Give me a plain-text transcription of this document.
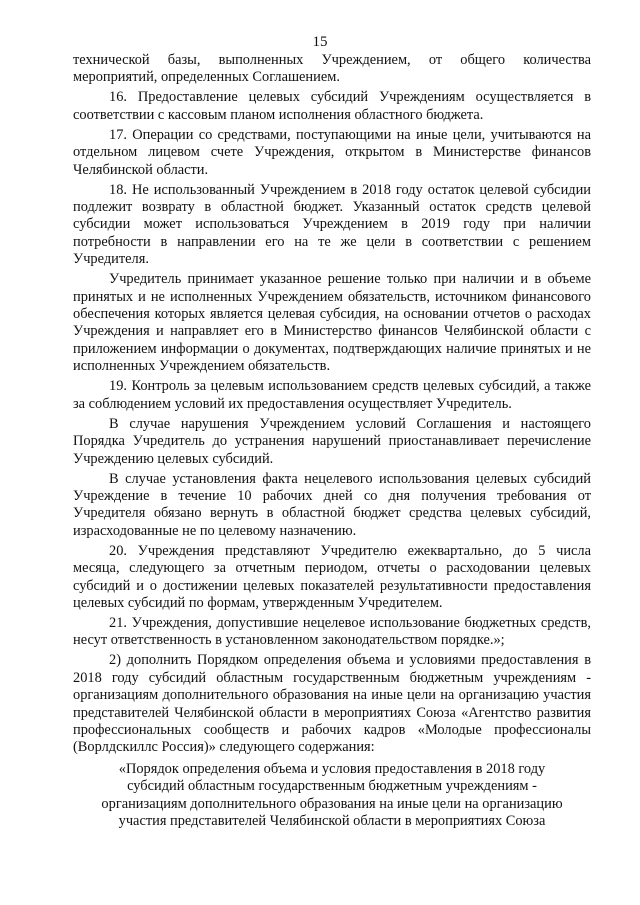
15

технической базы, выполненных Учреждением, от общего количества мероприятий, определенных Соглашением.

16. Предоставление целевых субсидий Учреждениям осуществляется в соответствии с кассовым планом исполнения областного бюджета.

17. Операции со средствами, поступающими на иные цели, учитываются на отдельном лицевом счете Учреждения, открытом в Министерстве финансов Челябинской области.

18. Не использованный Учреждением в 2018 году остаток целевой субсидии подлежит возврату в областной бюджет. Указанный остаток средств целевой субсидии может использоваться Учреждением в 2019 году при наличии потребности в направлении его на те же цели в соответствии с решением Учредителя.

Учредитель принимает указанное решение только при наличии и в объеме принятых и не исполненных Учреждением обязательств, источником финансового обеспечения которых является целевая субсидия, на основании отчетов о расходах Учреждения и направляет его в Министерство финансов Челябинской области с приложением информации о документах, подтверждающих наличие принятых и не исполненных Учреждением обязательств.

19. Контроль за целевым использованием средств целевых субсидий, а также за соблюдением условий их предоставления осуществляет Учредитель.

В случае нарушения Учреждением условий Соглашения и настоящего Порядка Учредитель до устранения нарушений приостанавливает перечисление Учреждению целевых субсидий.

В случае установления факта нецелевого использования целевых субсидий Учреждение в течение 10 рабочих дней со дня получения требования от Учредителя обязано вернуть в областной бюджет средства целевых субсидий, израсходованные не по целевому назначению.

20. Учреждения представляют Учредителю ежеквартально, до 5 числа месяца, следующего за отчетным периодом, отчеты о расходовании целевых субсидий и о достижении целевых показателей результативности предоставления целевых субсидий по формам, утвержденным Учредителем.

21. Учреждения, допустившие нецелевое использование бюджетных средств, несут ответственность в установленном законодательством порядке.»;

2) дополнить Порядком определения объема и условиями предоставления в 2018 году субсидий областным государственным бюджетным учреждениям - организациям дополнительного образования на иные цели на организацию участия представителей Челябинской области в мероприятиях Союза «Агентство развития профессиональных сообществ и рабочих кадров «Молодые профессионалы (Ворлдскиллс Россия)» следующего содержания:

«Порядок определения объема и условия предоставления в 2018 году

субсидий областным государственным бюджетным учреждениям -

организациям дополнительного образования на иные цели на организацию

участия представителей Челябинской области в мероприятиях Союза
